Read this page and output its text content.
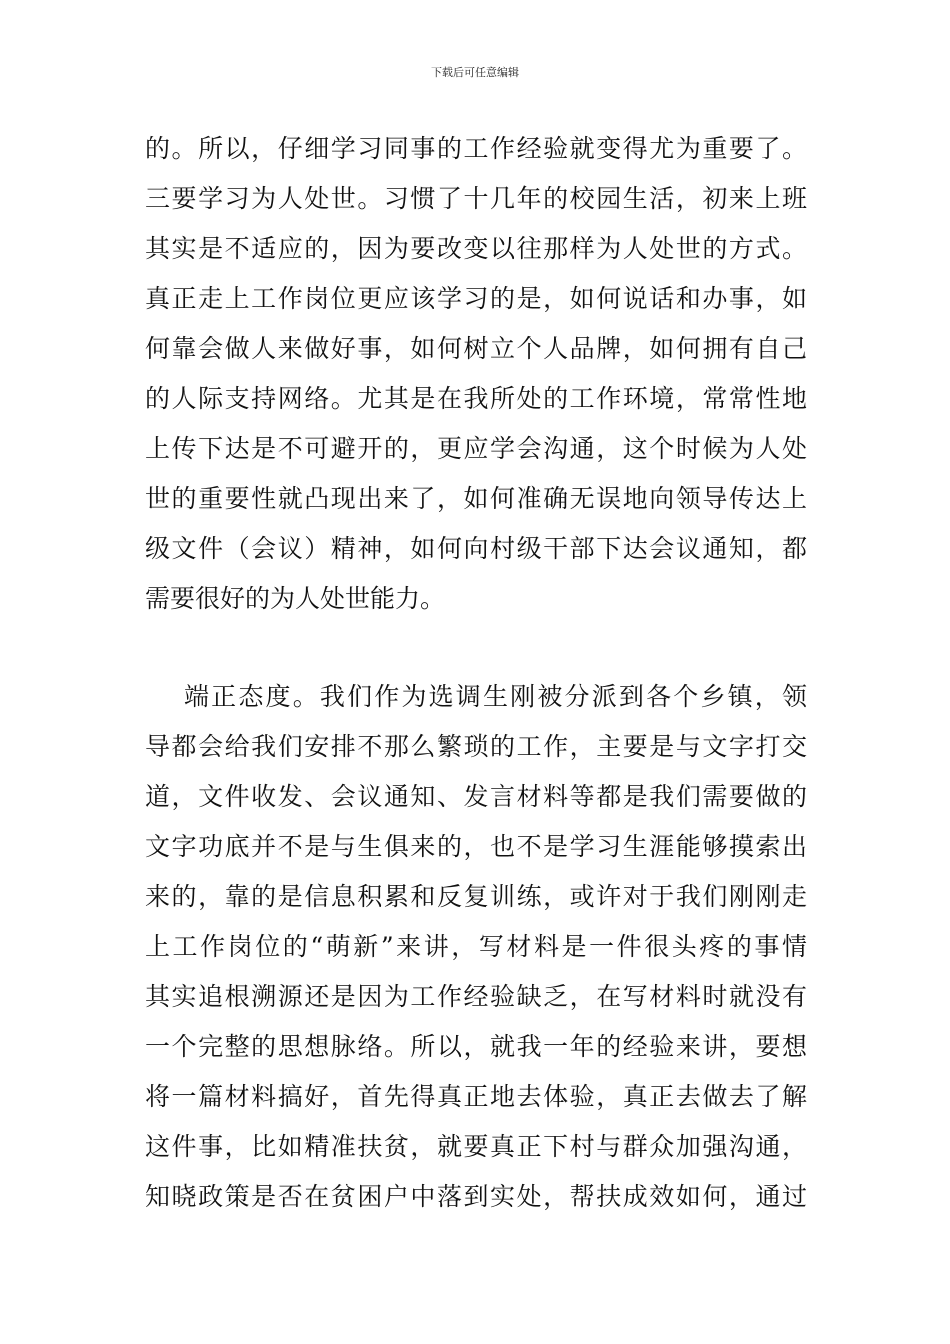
下载后可任意编辑
的。所以，仔细学习同事的工作经验就变得尤为重要了。
三要学习为人处世。习惯了十几年的校园生活，初来上班
其实是不适应的，因为要改变以往那样为人处世的方式。
真正走上工作岗位更应该学习的是，如何说话和办事，如
何靠会做人来做好事，如何树立个人品牌，如何拥有自己
的人际支持网络。尤其是在我所处的工作环境，常常性地
上传下达是不可避开的，更应学会沟通，这个时候为人处
世的重要性就凸现出来了，如何准确无误地向领导传达上
级文件（会议）精神，如何向村级干部下达会议通知，都
需要很好的为人处世能力。
端正态度。我们作为选调生刚被分派到各个乡镇，领
导都会给我们安排不那么繁琐的工作，主要是与文字打交
道，文件收发、会议通知、发言材料等都是我们需要做的
文字功底并不是与生俱来的，也不是学习生涯能够摸索出
来的，靠的是信息积累和反复训练，或许对于我们刚刚走
上工作岗位的“萌新”来讲，写材料是一件很头疼的事情
其实追根溯源还是因为工作经验缺乏，在写材料时就没有
一个完整的思想脉络。所以，就我一年的经验来讲，要想
将一篇材料搞好，首先得真正地去体验，真正去做去了解
这件事，比如精准扶贫，就要真正下村与群众加强沟通，
知晓政策是否在贫困户中落到实处，帮扶成效如何，通过
